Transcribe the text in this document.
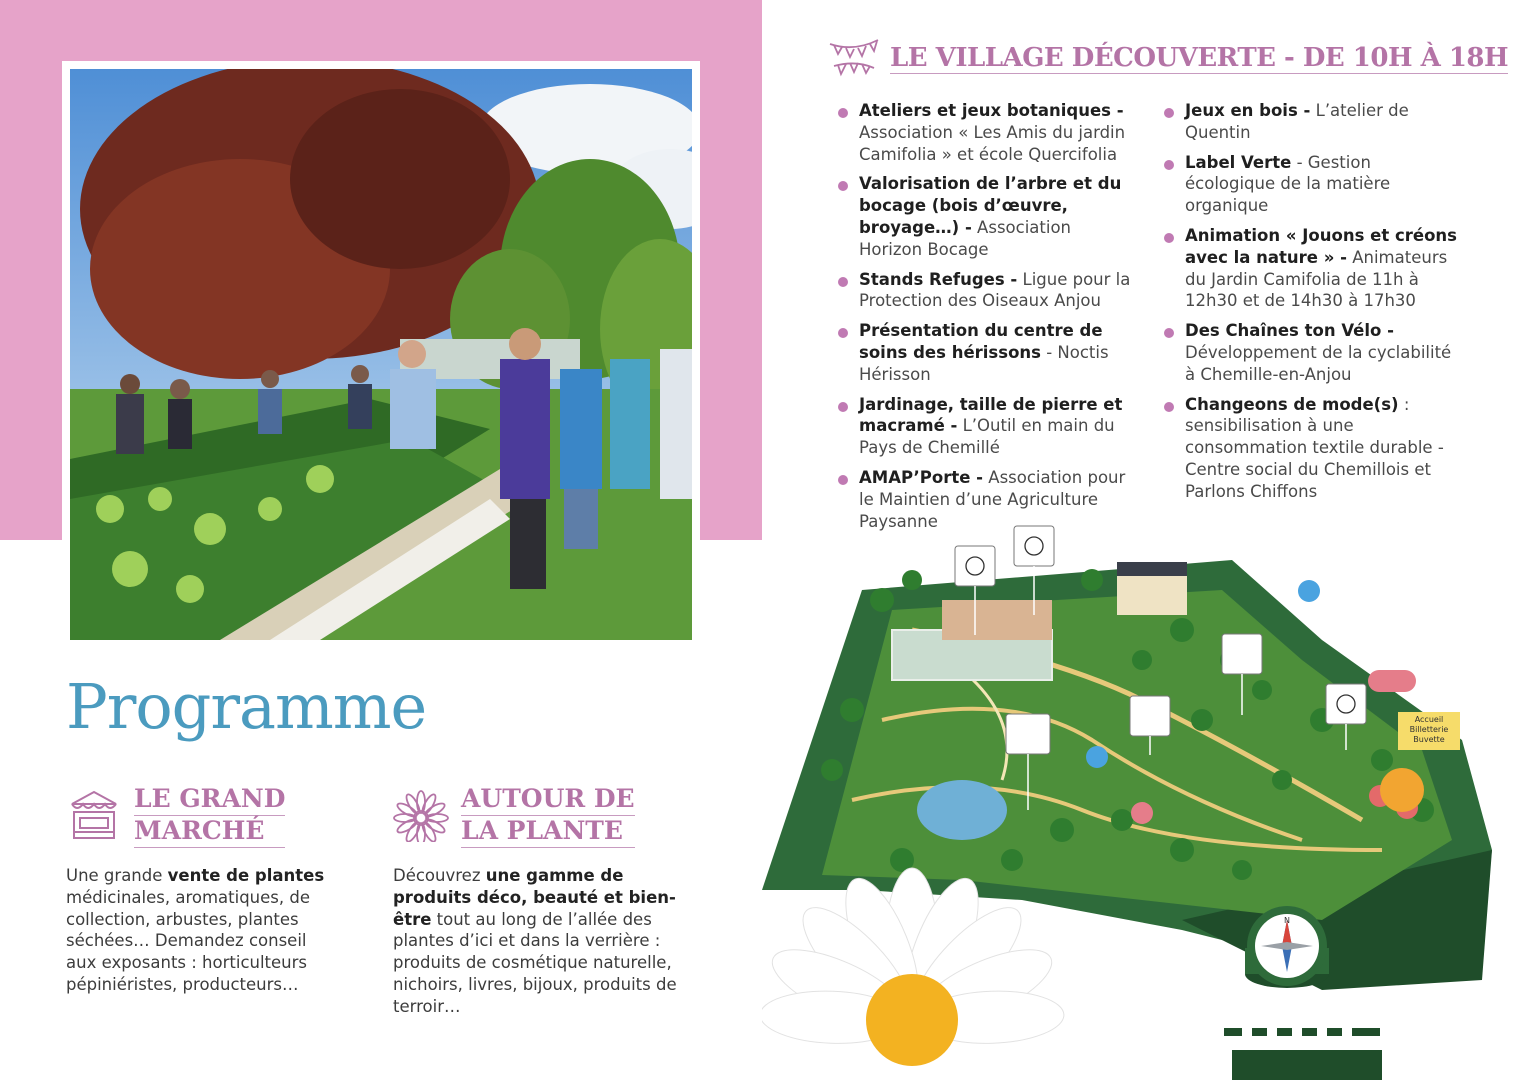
Programme
LE GRAND
MARCHÉ

Une grande vente de plantes médicinales, aromatiques, de collection, arbustes, plantes séchées… Demandez conseil aux exposants : horticulteurs pépiniéristes, producteurs…

AUTOUR DE
LA PLANTE

Découvrez une gamme de produits déco, beauté et bien-être tout au long de l’allée des plantes d’ici et dans la verrière : produits de cosmétique naturelle, nichoirs, livres, bijoux, produits de terroir…

LE VILLAGE DÉCOUVERTE - DE 10H À 18H
Ateliers et jeux botaniques - Association « Les Amis du jardin Camifolia » et école Quercifolia
Valorisation de l’arbre et du bocage (bois d’œuvre, broyage…) - Association Horizon Bocage
Stands Refuges - Ligue pour la Protection des Oiseaux Anjou
Présentation du centre de soins des hérissons - Noctis Hérisson
Jardinage, taille de pierre et macramé - L’Outil en main du Pays de Chemillé
AMAP’Porte - Association pour le Maintien d’une Agriculture Paysanne
Jeux en bois - L’atelier de Quentin
Label Verte - Gestion écologique de la matière organique
Animation « Jouons et créons avec la nature » - Animateurs du Jardin Camifolia de 11h à 12h30 et de 14h30 à 17h30
Des Chaînes ton Vélo - Développement de la cyclabilité à Chemille-en-Anjou
Changeons de mode(s) : sensibilisation à une consommation textile durable - Centre social du Chemillois et Parlons Chiffons
Accueil
Billetterie
Buvette
N
